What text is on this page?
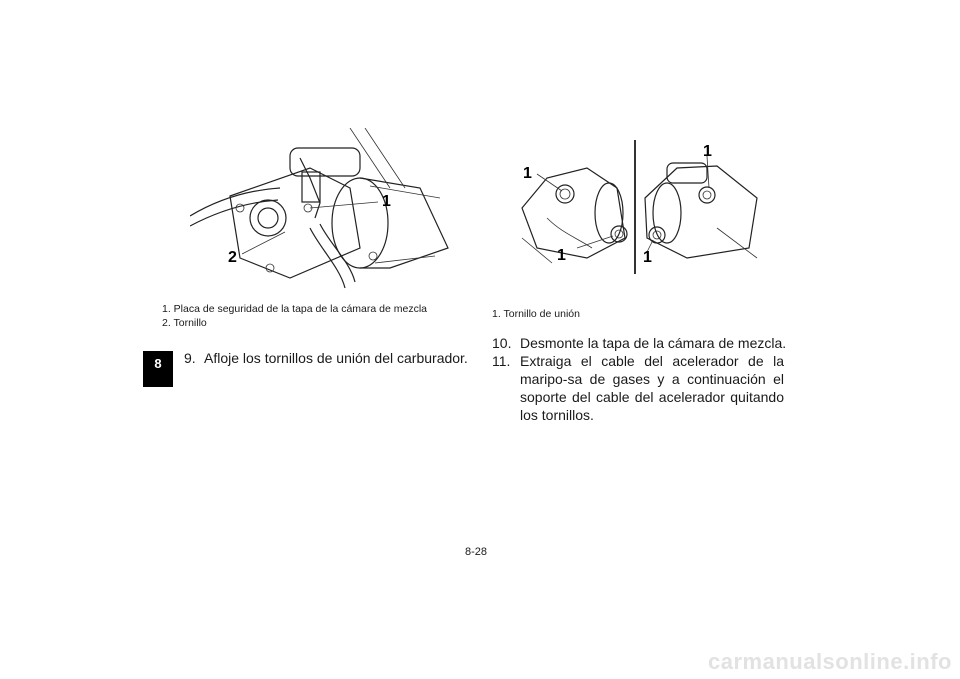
8
1
2
1. Placa de seguridad de la tapa de la cámara de mezcla
2. Tornillo
9. Afloje los tornillos de unión del carburador.
1
1
1
1
1. Tornillo de unión
10. Desmonte la tapa de la cámara de mezcla.
11. Extraiga el cable del acelerador de la maripo-sa de gases y a continuación el soporte del cable del acelerador quitando los tornillos.
8-28
carmanualsonline.info
